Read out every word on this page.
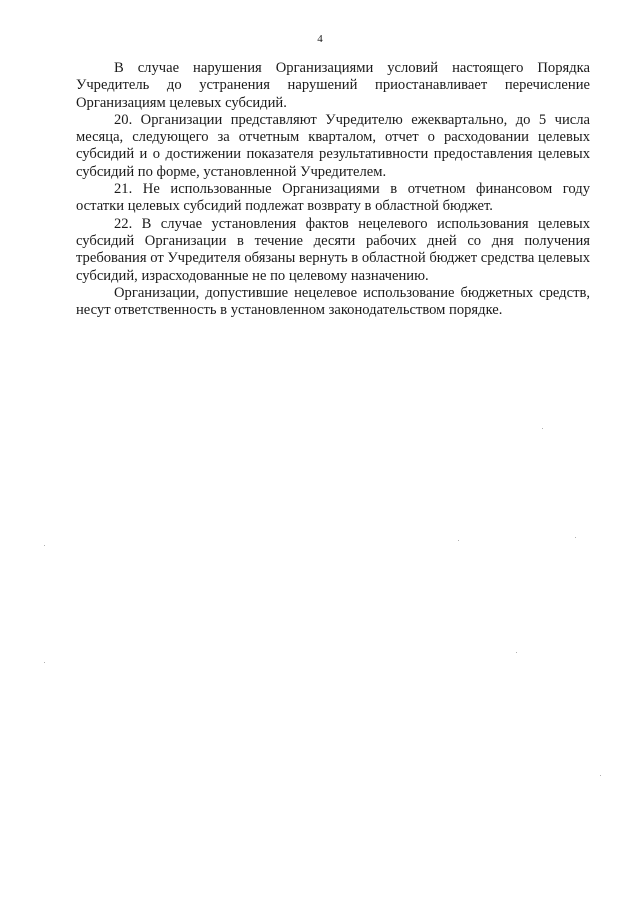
4

В случае нарушения Организациями условий настоящего Порядка Учредитель до устранения нарушений приостанавливает перечисление Организациям целевых субсидий.

20. Организации представляют Учредителю ежеквартально, до 5 числа месяца, следующего за отчетным кварталом, отчет о расходовании целевых субсидий и о достижении показателя результативности предоставления целевых субсидий по форме, установленной Учредителем.

21. Не использованные Организациями в отчетном финансовом году остатки целевых субсидий подлежат возврату в областной бюджет.

22. В случае установления фактов нецелевого использования целевых субсидий Организации в течение десяти рабочих дней со дня получения требования от Учредителя обязаны вернуть в областной бюджет средства целевых субсидий, израсходованные не по целевому назначению.

Организации, допустившие нецелевое использование бюджетных средств, несут ответственность в установленном законодательством порядке.
